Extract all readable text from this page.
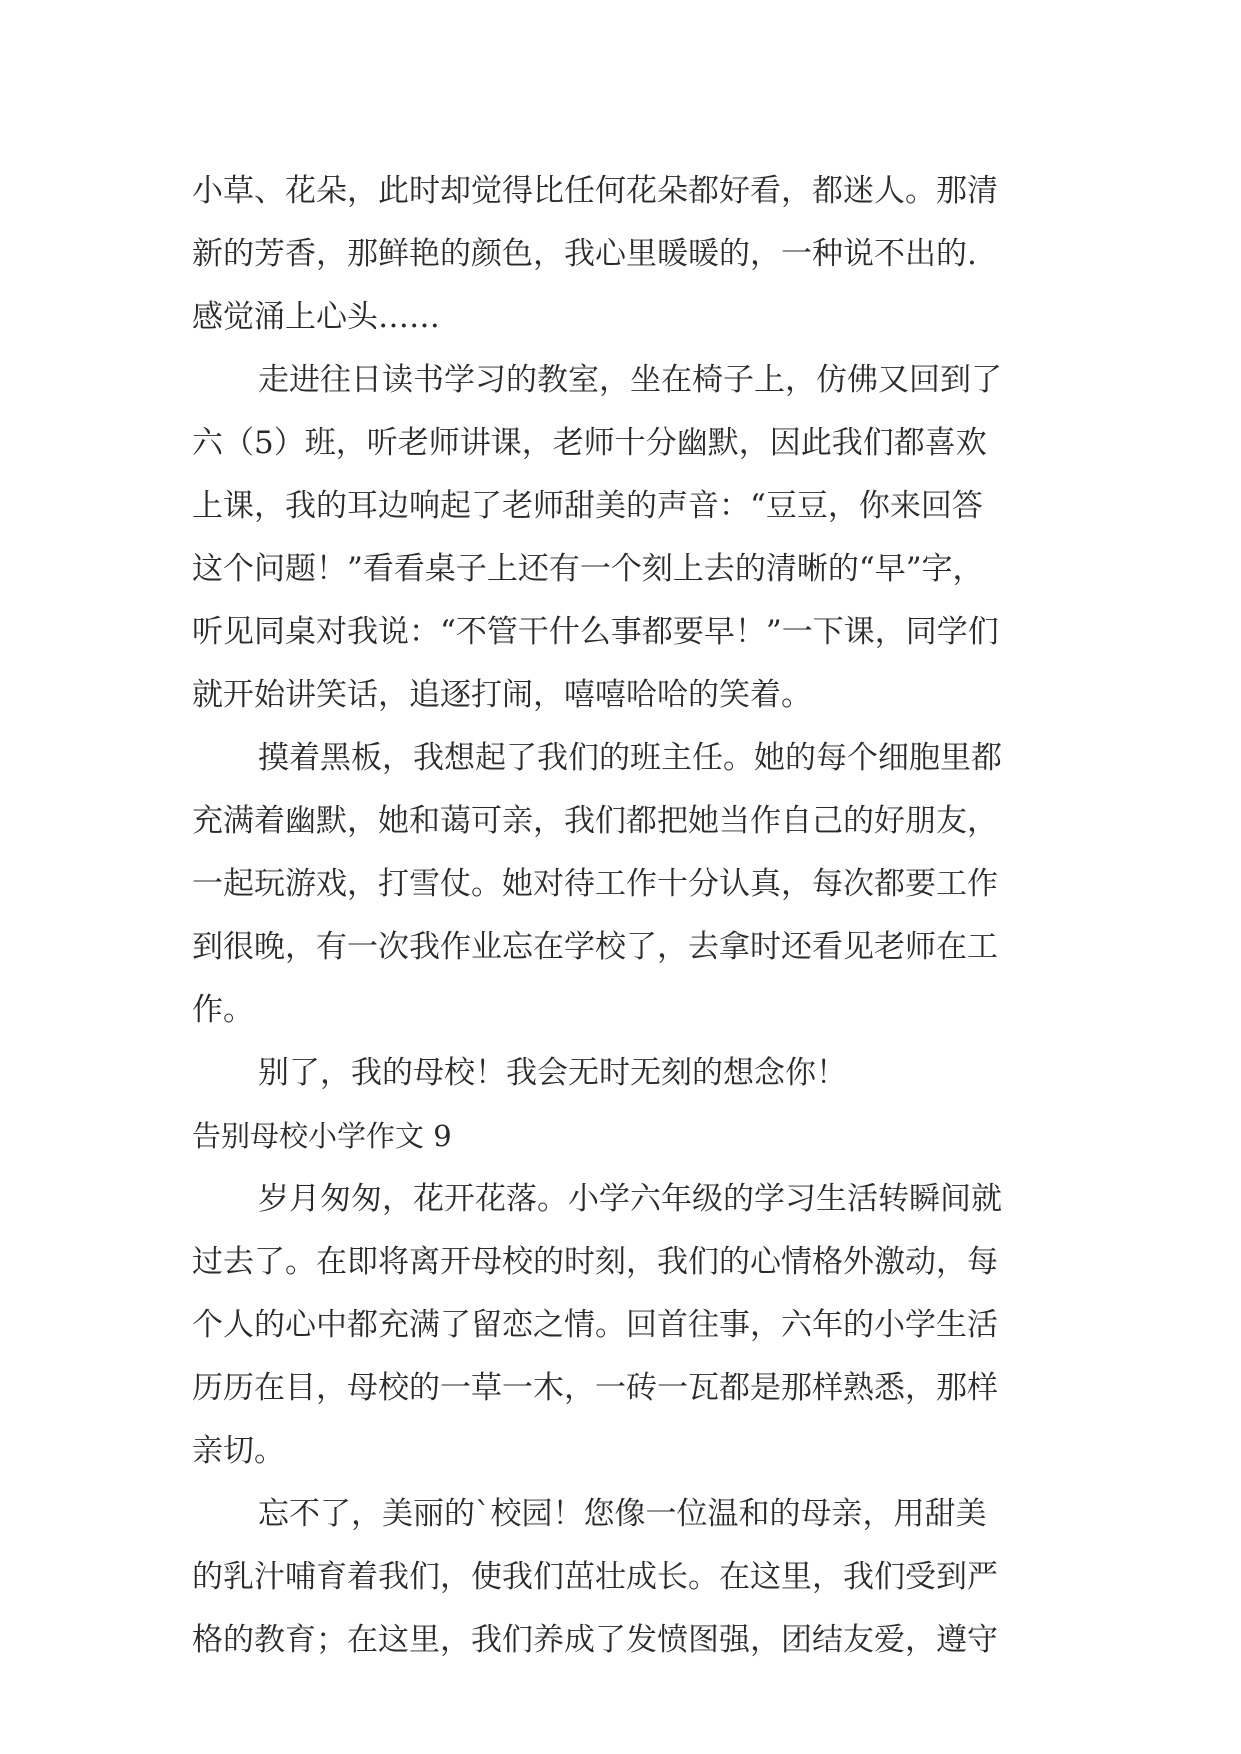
小草、花朵，此时却觉得比任何花朵都好看，都迷人。那清
新的芳香，那鲜艳的颜色，我心里暖暖的，一种说不出的.
感觉涌上心头……
走进往日读书学习的教室，坐在椅子上，仿佛又回到了
六（5）班，听老师讲课，老师十分幽默，因此我们都喜欢
上课，我的耳边响起了老师甜美的声音：“豆豆，你来回答
这个问题！”看看桌子上还有一个刻上去的清晰的“早”字，
听见同桌对我说：“不管干什么事都要早！”一下课，同学们
就开始讲笑话，追逐打闹，嘻嘻哈哈的笑着。
摸着黑板，我想起了我们的班主任。她的每个细胞里都
充满着幽默，她和蔼可亲，我们都把她当作自己的好朋友，
一起玩游戏，打雪仗。她对待工作十分认真，每次都要工作
到很晚，有一次我作业忘在学校了，去拿时还看见老师在工
作。
别了，我的母校！我会无时无刻的想念你！
告别母校小学作文 9
岁月匆匆，花开花落。小学六年级的学习生活转瞬间就
过去了。在即将离开母校的时刻，我们的心情格外激动，每
个人的心中都充满了留恋之情。回首往事，六年的小学生活
历历在目，母校的一草一木，一砖一瓦都是那样熟悉，那样
亲切。
忘不了，美丽的`校园！您像一位温和的母亲，用甜美
的乳汁哺育着我们，使我们茁壮成长。在这里，我们受到严
格的教育；在这里，我们养成了发愤图强，团结友爱，遵守
